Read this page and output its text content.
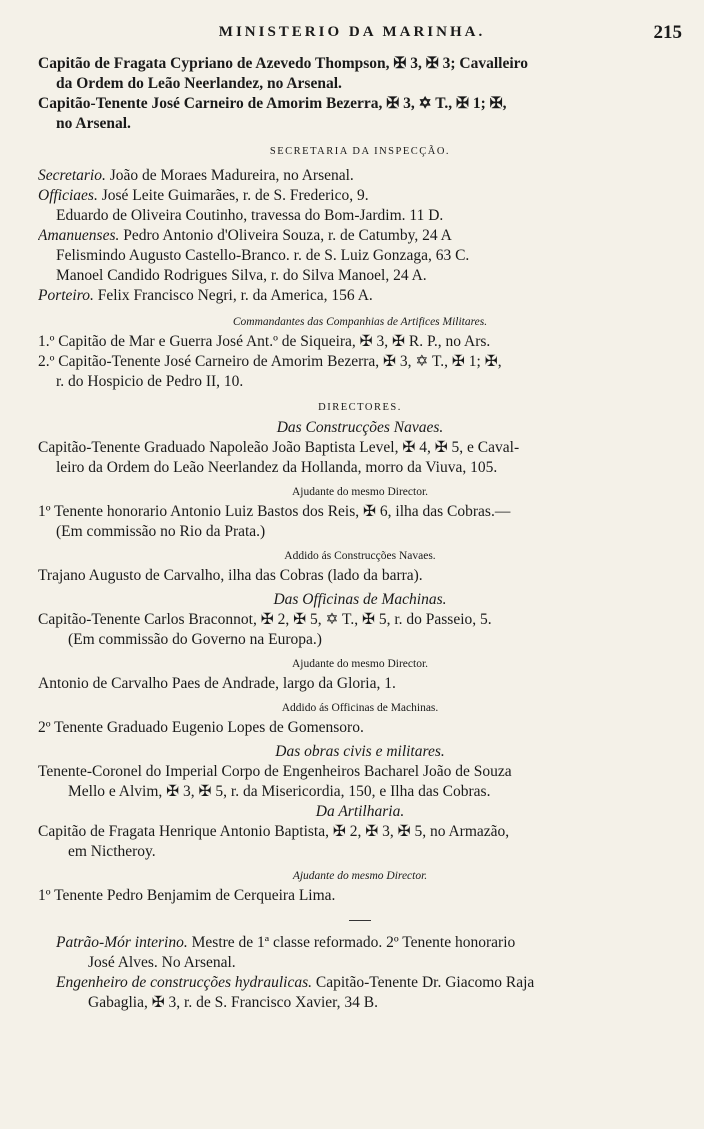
MINISTERIO DA MARINHA.	215
Capitão de Fragata Cypriano de Azevedo Thompson, ✠ 3, ✠ 3; Cavalleiro
da Ordem do Leão Neerlandez, no Arsenal.
Capitão-Tenente José Carneiro de Amorim Bezerra, ✠ 3, ✡ T., ✠ 1; ✠,
no Arsenal.
SECRETARIA DA INSPECÇÃO.
Secretario. João de Moraes Madureira, no Arsenal.
Officiaes. José Leite Guimarães, r. de S. Frederico, 9.
Eduardo de Oliveira Coutinho, travessa do Bom-Jardim. 11 D.
Amanuenses. Pedro Antonio d'Oliveira Souza, r. de Catumby, 24 A
Felismindo Augusto Castello-Branco. r. de S. Luiz Gonzaga, 63 C.
Manoel Candido Rodrigues Silva, r. do Silva Manoel, 24 A.
Porteiro. Felix Francisco Negri, r. da America, 156 A.
Commandantes das Companhias de Artifices Militares.
1.º Capitão de Mar e Guerra José Ant.º de Siqueira, ✠ 3, ✠ R. P., no Ars.
2.º Capitão-Tenente José Carneiro de Amorim Bezerra, ✠ 3, ✡ T., ✠ 1; ✠,
r. do Hospicio de Pedro II, 10.
DIRECTORES.
Das Construcções Navaes.
Capitão-Tenente Graduado Napoleão João Baptista Level, ✠ 4, ✠ 5, e Caval-
leiro da Ordem do Leão Neerlandez da Hollanda, morro da Viuva, 105.
Ajudante do mesmo Director.
1º Tenente honorario Antonio Luiz Bastos dos Reis, ✠ 6, ilha das Cobras.—
(Em commissão no Rio da Prata.)
Addido ás Construcções Navaes.
Trajano Augusto de Carvalho, ilha das Cobras (lado da barra).
Das Officinas de Machinas.
Capitão-Tenente Carlos Braconnot, ✠ 2, ✠ 5, ✡ T., ✠ 5, r. do Passeio, 5.
(Em commissão do Governo na Europa.)
Ajudante do mesmo Director.
Antonio de Carvalho Paes de Andrade, largo da Gloria, 1.
Addido ás Officinas de Machinas.
2º Tenente Graduado Eugenio Lopes de Gomensoro.
Das obras civis e militares.
Tenente-Coronel do Imperial Corpo de Engenheiros Bacharel João de Souza
Mello e Alvim, ✠ 3, ✠ 5, r. da Misericordia, 150, e Ilha das Cobras.
Da Artilharia.
Capitão de Fragata Henrique Antonio Baptista, ✠ 2, ✠ 3, ✠ 5, no Armazão,
em Nictheroy.
Ajudante do mesmo Director.
1º Tenente Pedro Benjamim de Cerqueira Lima.
Patrão-Mór interino. Mestre de 1ª classe reformado. 2º Tenente honorario
José Alves. No Arsenal.
Engenheiro de construcções hydraulicas. Capitão-Tenente Dr. Giacomo Raja
Gabaglia, ✠ 3, r. de S. Francisco Xavier, 34 B.
